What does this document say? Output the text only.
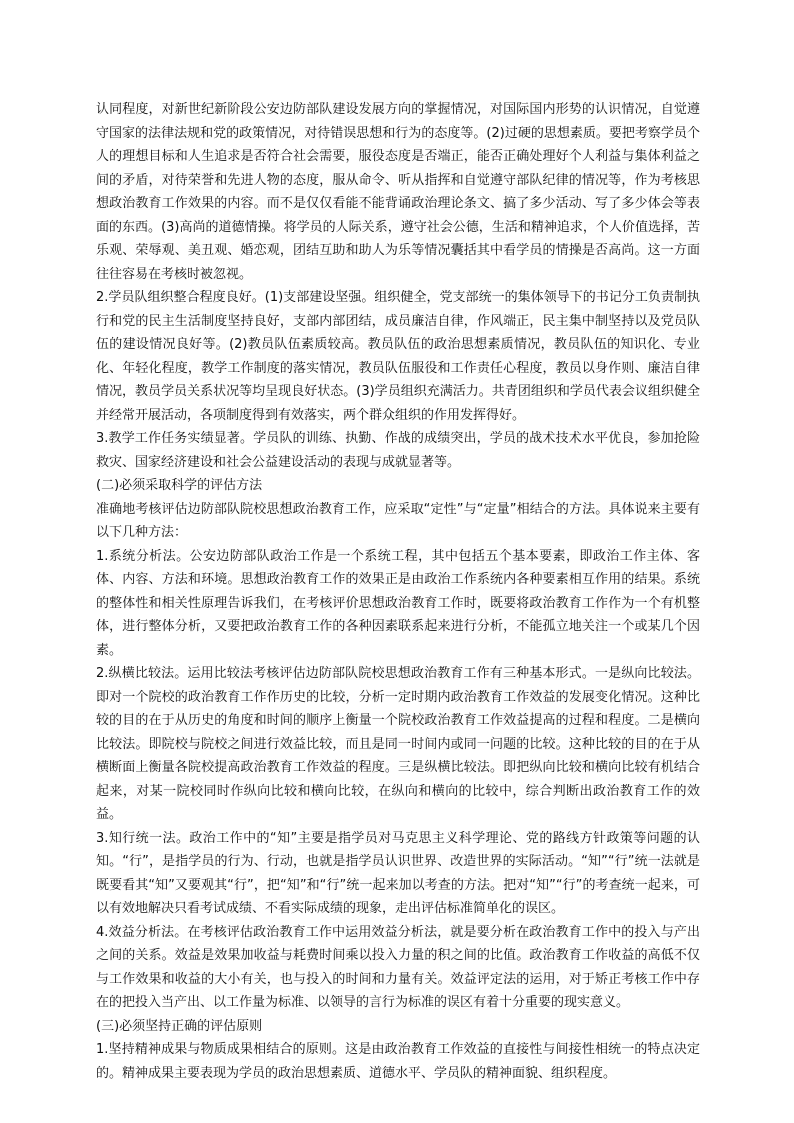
认同程度，对新世纪新阶段公安边防部队建设发展方向的掌握情况，对国际国内形势的认识情况，自觉遵守国家的法律法规和党的政策情况，对待错误思想和行为的态度等。(2)过硬的思想素质。要把考察学员个人的理想目标和人生追求是否符合社会需要，服役态度是否端正，能否正确处理好个人利益与集体利益之间的矛盾，对待荣誉和先进人物的态度，服从命令、听从指挥和自觉遵守部队纪律的情况等，作为考核思想政治教育工作效果的内容。而不是仅仅看能不能背诵政治理论条文、搞了多少活动、写了多少体会等表面的东西。(3)高尚的道德情操。将学员的人际关系，遵守社会公德，生活和精神追求，个人价值选择，苦乐观、荣辱观、美丑观、婚恋观，团结互助和助人为乐等情况囊括其中看学员的情操是否高尚。这一方面往往容易在考核时被忽视。

2.学员队组织整合程度良好。(1)支部建设坚强。组织健全，党支部统一的集体领导下的书记分工负责制执行和党的民主生活制度坚持良好，支部内部团结，成员廉洁自律，作风端正，民主集中制坚持以及党员队伍的建设情况良好等。(2)教员队伍素质较高。教员队伍的政治思想素质情况，教员队伍的知识化、专业化、年轻化程度，教学工作制度的落实情况，教员队伍服役和工作责任心程度，教员以身作则、廉洁自律情况，教员学员关系状况等均呈现良好状态。(3)学员组织充满活力。共青团组织和学员代表会议组织健全并经常开展活动，各项制度得到有效落实，两个群众组织的作用发挥得好。

3.教学工作任务实绩显著。学员队的训练、执勤、作战的成绩突出，学员的战术技术水平优良，参加抢险救灾、国家经济建设和社会公益建设活动的表现与成就显著等。

(二)必须采取科学的评估方法

准确地考核评估边防部队院校思想政治教育工作，应采取“定性”与“定量”相结合的方法。具体说来主要有以下几种方法：

1.系统分析法。公安边防部队政治工作是一个系统工程，其中包括五个基本要素，即政治工作主体、客体、内容、方法和环境。思想政治教育工作的效果正是由政治工作系统内各种要素相互作用的结果。系统的整体性和相关性原理告诉我们，在考核评价思想政治教育工作时，既要将政治教育工作作为一个有机整体，进行整体分析，又要把政治教育工作的各种因素联系起来进行分析，不能孤立地关注一个或某几个因素。

2.纵横比较法。运用比较法考核评估边防部队院校思想政治教育工作有三种基本形式。一是纵向比较法。即对一个院校的政治教育工作作历史的比较，分析一定时期内政治教育工作效益的发展变化情况。这种比较的目的在于从历史的角度和时间的顺序上衡量一个院校政治教育工作效益提高的过程和程度。二是横向比较法。即院校与院校之间进行效益比较，而且是同一时间内或同一问题的比较。这种比较的目的在于从横断面上衡量各院校提高政治教育工作效益的程度。三是纵横比较法。即把纵向比较和横向比较有机结合起来，对某一院校同时作纵向比较和横向比较，在纵向和横向的比较中，综合判断出政治教育工作的效益。

3.知行统一法。政治工作中的“知”主要是指学员对马克思主义科学理论、党的路线方针政策等问题的认知。“行”，是指学员的行为、行动，也就是指学员认识世界、改造世界的实际活动。“知”“行”统一法就是既要看其“知”又要观其“行”，把“知”和“行”统一起来加以考查的方法。把对“知”“行”的考查统一起来，可以有效地解决只看考试成绩、不看实际成绩的现象，走出评估标准简单化的误区。

4.效益分析法。在考核评估政治教育工作中运用效益分析法，就是要分析在政治教育工作中的投入与产出之间的关系。效益是效果加收益与耗费时间乘以投入力量的积之间的比值。政治教育工作收益的高低不仅与工作效果和收益的大小有关，也与投入的时间和力量有关。效益评定法的运用，对于矫正考核工作中存在的把投入当产出、以工作量为标准、以领导的言行为标准的误区有着十分重要的现实意义。

(三)必须坚持正确的评估原则

1.坚持精神成果与物质成果相结合的原则。这是由政治教育工作效益的直接性与间接性相统一的特点决定的。精神成果主要表现为学员的政治思想素质、道德水平、学员队的精神面貌、组织程度。
